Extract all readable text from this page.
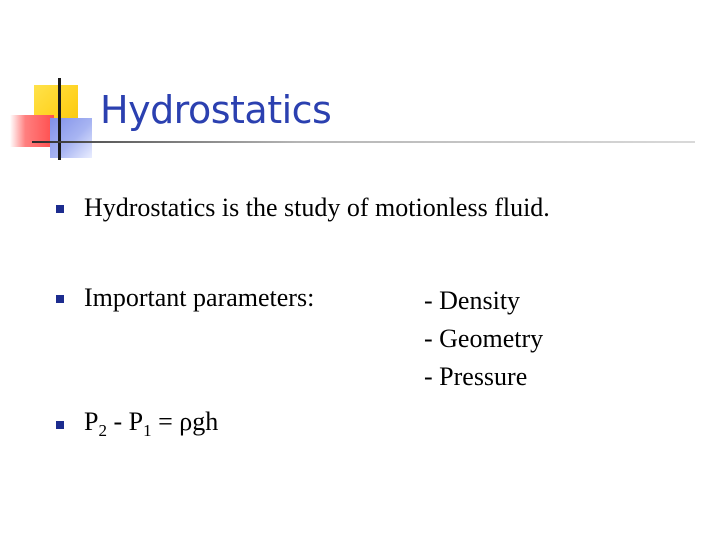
Hydrostatics
Hydrostatics is the study of motionless fluid.
Important parameters:	- Density
- Geometry
- Pressure
$P_2 - P_1 = \rho gh$
